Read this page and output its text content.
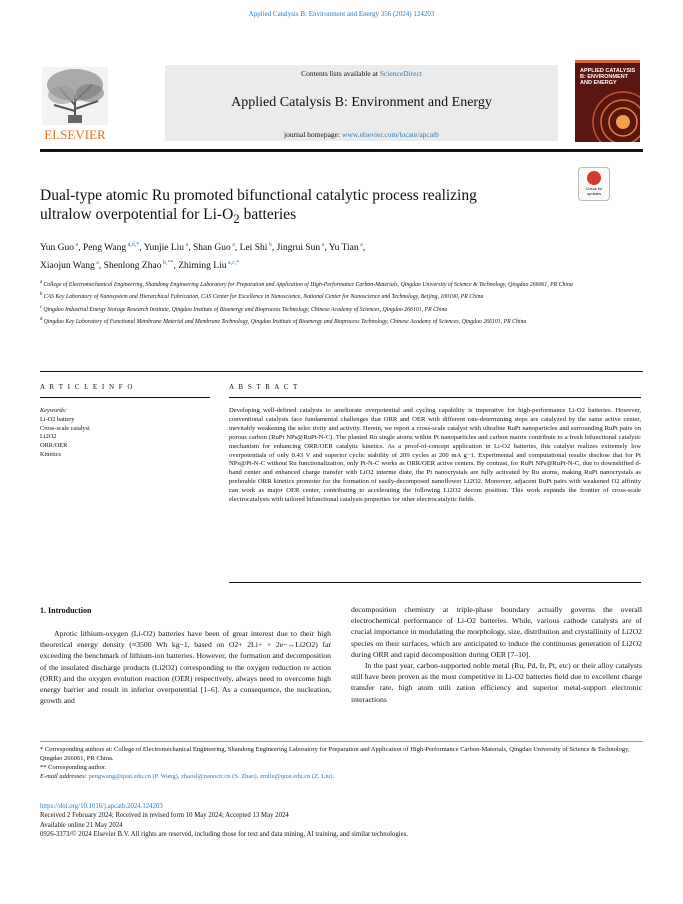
Applied Catalysis B: Environment and Energy 356 (2024) 124203
ELSEVIER
Contents lists available at ScienceDirect
Applied Catalysis B: Environment and Energy
journal homepage: www.elsevier.com/locate/apcatb
APPLIED CATALYSIS B: ENVIRONMENT AND ENERGY
Dual-type atomic Ru promoted bifunctional catalytic process realizing
ultralow overpotential for $Li-O_2$ batteries
Check for updates
Yun Guo $^a$, Peng Wang $^{a,d,*}$, Yunjie Liu $^a$, Shan Guo $^a$, Lei Shi $^b$, Jingrui Sun $^a$, Yu Tian $^a$,
Xiaojun Wang $^a$, Shenlong Zhao $^{b,**}$, Zhiming Liu $^{a,c,*}$
$^a$ College of Electromechanical Engineering, Shandong Engineering Laboratory for Preparation and Application of High-Performance Carbon-Materials, Qingdao University of Science & Technology, Qingdao 266061, PR China
$^b$ CAS Key Laboratory of Nanosystem and Hierarchical Fabrication, CAS Center for Excellence in Nanoscience, National Center for Nanoscience and Technology, Beijing, 100190, PR China
$^c$ Qingdao Industrial Energy Storage Research Institute, Qingdao Institute of Bioenergy and Bioprocess Technology, Chinese Academy of Sciences, Qingdao 266101, PR China
$^d$ Qingdao Key Laboratory of Functional Membrane Material and Membrane Technology, Qingdao Institute of Bioenergy and Bioprocess Technology, Chinese Academy of Sciences, Qingdao 266101, PR China
A R T I C L E I N F O	A B S T R A C T
Keywords:
Li-O2 battery
Cross-scale catalyst
Li2O2
ORR/OER
Kinetics
Developing well-defined catalysts to ameliorate overpotential and cycling capability is imperative for high-performance Li-O2 batteries. However, conventional catalysts face fundamental challenges that ORR and OER with different rate-determining steps are catalyzed by the same active center, inevitably weakening the selec tivity and activity. Herein, we report a cross-scale catalyst with ultrafine RuPt nanoparticles and surrounding RuPt pairs on porous carbon (RuPt NPs@RuPt-N-C). The planted Ru single atoms within Pt nanoparticles and carbon matrix contribute to a fresh bifunctional catalytic mechanism for enhancing ORR/OER catalytic kinetics. As a proof-of-concept application in Li-O2 batteries, this catalyst realizes extremely low overpotentials of only 0.43 V and superior cyclic stability of 209 cycles at 200 mA g−1. Experimental and computational results disclose that for Pt NPs@Pt-N-C without Ru functionalization, only Pt-N-C works as ORR/OER active centers. By contrast, for RuPt NPs@RuPt-N-C, due to downshifted d-band center and enhanced charge transfer with LiO2 interme diate, the Pt nanocrystals are fully activated by Ru atoms, making RuPt nanocrystals as preferable ORR kinetics promoter for the formation of easily-decomposed nanoflower Li2O2. Moreover, adjacent RuPt pairs with weakened O2 affinity can work as major OER center, contributing to accelerating the following Li2O2 decom position. This work expands the frontier of cross-scale electrocatalysts with tailored bifunctional catalysis properties for other electrocatalytic fields.
1. Introduction

Aprotic lithium-oxygen (Li-O2) batteries have been of great interest due to their high theoretical energy density (≈3500 Wh kg−1, based on O2+ 2Li+ + 2e−↔Li2O2) far exceeding the benchmark of lithium-ion batteries. However, the formation and decomposition of the insulated discharge products (Li2O2) corresponding to the oxygen reduction re action (ORR) and the oxygen evolution reaction (OER) respectively, always need to overcome high energy barrier and result in inferior overpotential [1–6]. As a consequence, the nucleation, growth and

decomposition chemistry at triple-phase boundary actually governs the overall electrochemical performance of Li-O2 batteries. While, various cathode catalysts are of crucial importance in modulating the morphology, size, distribution and crystallinity of Li2O2 species on their surfaces, which are anticipated to induce the continuous generation of Li2O2 during ORR and rapid decomposition during OER [7–10].

In the past year, carbon-supported noble metal (Ru, Pd, Ir, Pt, etc) or their alloy catalysts still have been proven as the most competitive in Li-O2 batteries field due to excellent charge transfer rate, high atom utili zation efficiency and superior metal-support electronic interactions

* Corresponding authors at: College of Electromechanical Engineering, Shandong Engineering Laboratory for Preparation and Application of High-Performance Carbon-Materials, Qingdao University of Science & Technology, Qingdao 266061, PR China.
** Corresponding author.
E-mail addresses: pengwang@qust.edu.cn (P. Wang), zhaosl@nanoctr.cn (S. Zhao), zmliu@qust.edu.cn (Z. Liu).
https://doi.org/10.1016/j.apcatb.2024.124203
Received 2 February 2024; Received in revised form 10 May 2024; Accepted 13 May 2024
Available online 21 May 2024
0926-3373/© 2024 Elsevier B.V. All rights are reserved, including those for text and data mining, AI training, and similar technologies.
